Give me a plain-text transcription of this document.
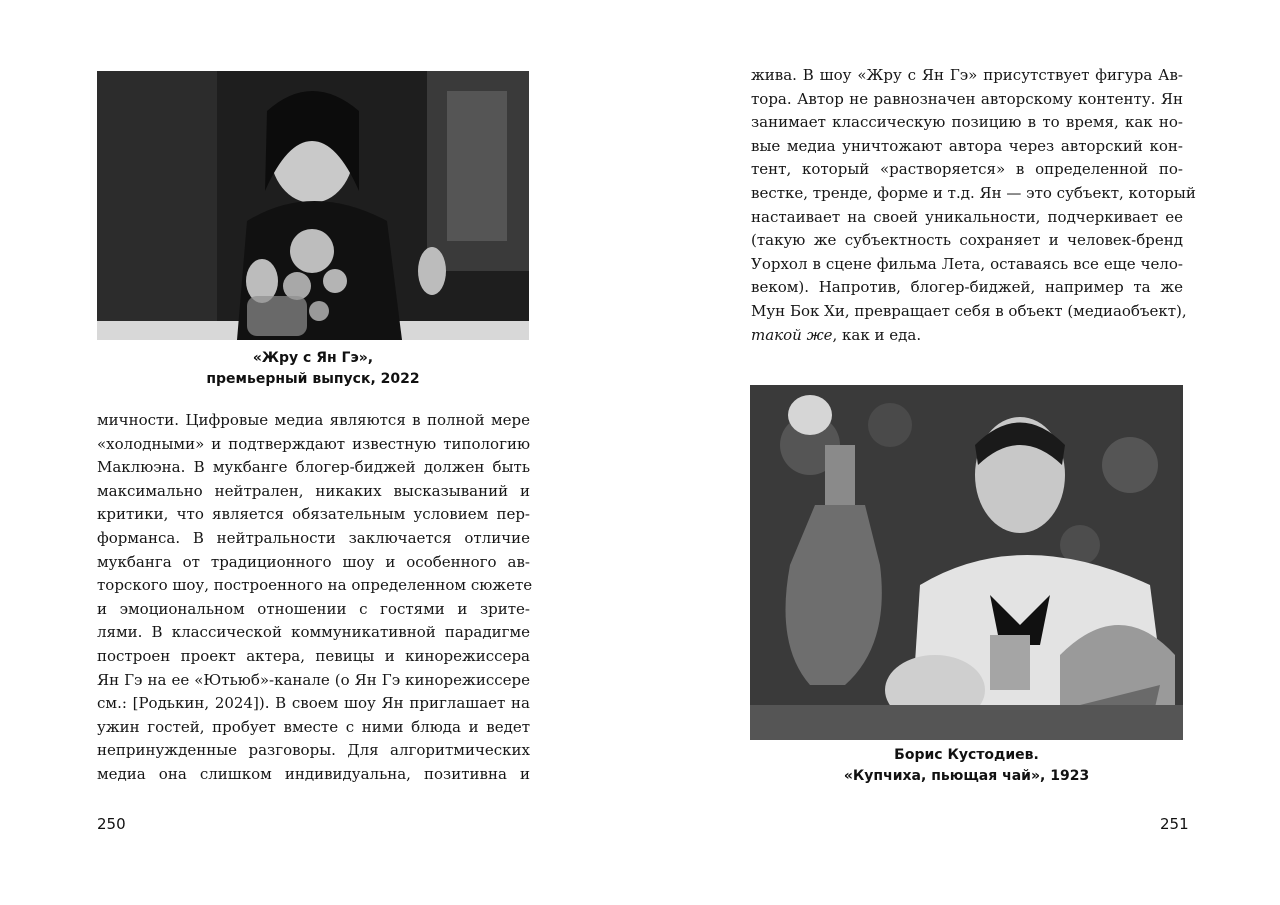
«Жру с Ян Гэ»,
премьерный выпуск, 2022
мичности. Цифровые медиа являются в полной мере
«холодными» и подтверждают известную типологию
Маклюэна. В мукбанге блогер-биджей должен быть
максимально нейтрален, никаких высказываний и
критики, что является обязательным условием пер-
форманса. В нейтральности заключается отличие
мукбанга от традиционного шоу и особенного ав-
торского шоу, построенного на определенном сюжете
и эмоциональном отношении с гостями и зрите-
лями. В классической коммуникативной парадигме
построен проект актера, певицы и кинорежиссера
Ян Гэ на ее «Ютьюб»-канале (о Ян Гэ кинорежиссере
см.: [Родькин, 2024]). В своем шоу Ян приглашает на
ужин гостей, пробует вместе с ними блюда и ведет
непринужденные разговоры. Для алгоритмических
медиа она слишком индивидуальна, позитивна и
250
жива. В шоу «Жру с Ян Гэ» присутствует фигура Ав-
тора. Автор не равнозначен авторскому контенту. Ян
занимает классическую позицию в то время, как но-
вые медиа уничтожают автора через авторский кон-
тент, который «растворяется» в определенной по-
вестке, тренде, форме и т.д. Ян — это субъект, который
настаивает на своей уникальности, подчеркивает ее
(такую же субъектность сохраняет и человек-бренд
Уорхол в сцене фильма Лета, оставаясь все еще чело-
веком). Напротив, блогер-биджей, например та же
Мун Бок Хи, превращает себя в объект (медиаобъект),
такой же, как и еда.
Борис Кустодиев.
«Купчиха, пьющая чай», 1923
251
